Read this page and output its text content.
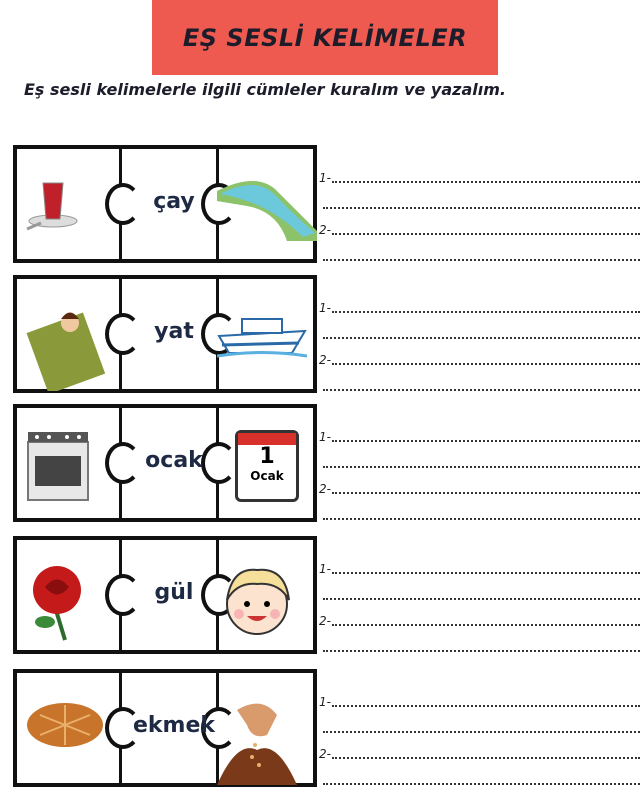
EŞ SESLİ KELİMELER
Eş sesli kelimelerle ilgili cümleler kuralım ve yazalım.
çay
1-
2-
yat
1-
2-
ocak	1
Ocak
1-
2-
gül
1-
2-
ekmek
1-
2-
